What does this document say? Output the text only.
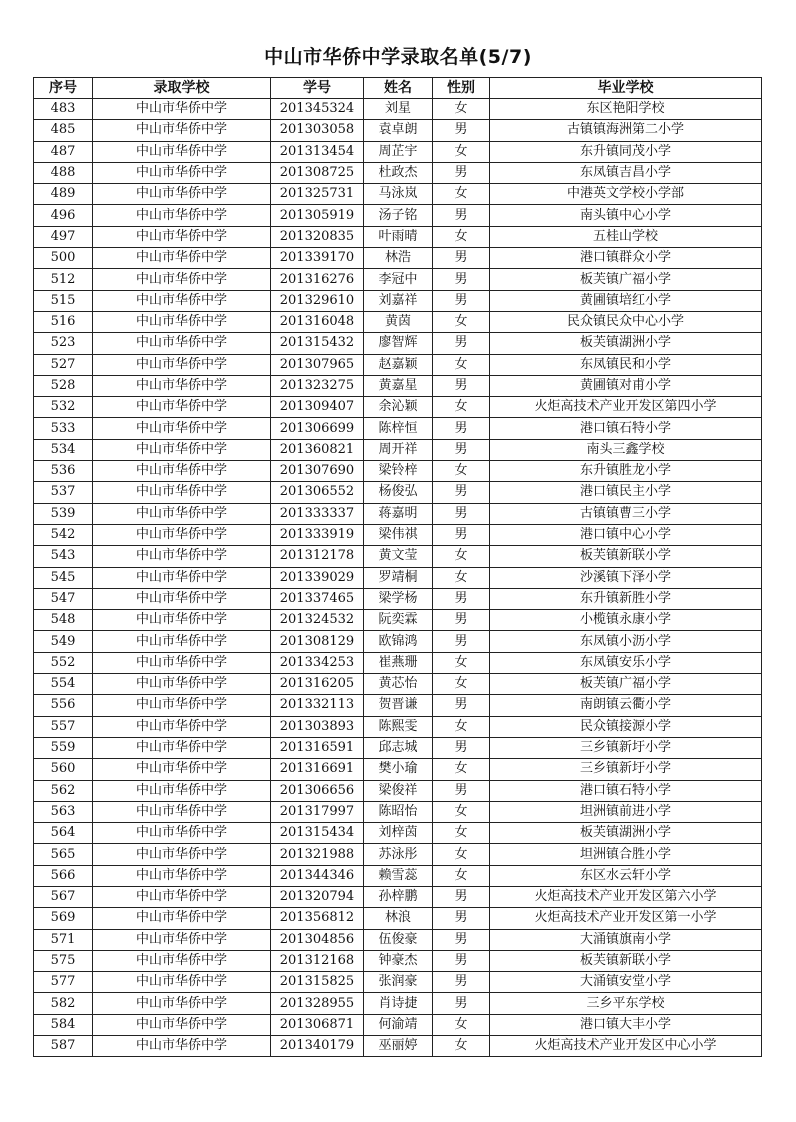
中山市华侨中学录取名单(5/7)
序号	录取学校	学号	姓名	性别	毕业学校
483	中山市华侨中学	201345324	刘星	女	东区艳阳学校
485	中山市华侨中学	201303058	袁卓朗	男	古镇镇海洲第二小学
487	中山市华侨中学	201313454	周芷宇	女	东升镇同茂小学
488	中山市华侨中学	201308725	杜政杰	男	东凤镇吉昌小学
489	中山市华侨中学	201325731	马泳岚	女	中港英文学校小学部
496	中山市华侨中学	201305919	汤子铭	男	南头镇中心小学
497	中山市华侨中学	201320835	叶雨晴	女	五桂山学校
500	中山市华侨中学	201339170	林浩	男	港口镇群众小学
512	中山市华侨中学	201316276	李冠中	男	板芙镇广福小学
515	中山市华侨中学	201329610	刘嘉祥	男	黄圃镇培红小学
516	中山市华侨中学	201316048	黄茵	女	民众镇民众中心小学
523	中山市华侨中学	201315432	廖智辉	男	板芙镇湖洲小学
527	中山市华侨中学	201307965	赵嘉颖	女	东凤镇民和小学
528	中山市华侨中学	201323275	黄嘉星	男	黄圃镇对甫小学
532	中山市华侨中学	201309407	余沁颖	女	火炬高技术产业开发区第四小学
533	中山市华侨中学	201306699	陈梓恒	男	港口镇石特小学
534	中山市华侨中学	201360821	周开祥	男	南头三鑫学校
536	中山市华侨中学	201307690	梁铃梓	女	东升镇胜龙小学
537	中山市华侨中学	201306552	杨俊弘	男	港口镇民主小学
539	中山市华侨中学	201333337	蒋嘉明	男	古镇镇曹三小学
542	中山市华侨中学	201333919	梁伟祺	男	港口镇中心小学
543	中山市华侨中学	201312178	黄文莹	女	板芙镇新联小学
545	中山市华侨中学	201339029	罗靖桐	女	沙溪镇下泽小学
547	中山市华侨中学	201337465	梁学杨	男	东升镇新胜小学
548	中山市华侨中学	201324532	阮奕霖	男	小榄镇永康小学
549	中山市华侨中学	201308129	欧锦鸿	男	东凤镇小沥小学
552	中山市华侨中学	201334253	崔燕珊	女	东凤镇安乐小学
554	中山市华侨中学	201316205	黄芯怡	女	板芙镇广福小学
556	中山市华侨中学	201332113	贺晋谦	男	南朗镇云衢小学
557	中山市华侨中学	201303893	陈熙雯	女	民众镇接源小学
559	中山市华侨中学	201316591	邱志城	男	三乡镇新圩小学
560	中山市华侨中学	201316691	樊小瑜	女	三乡镇新圩小学
562	中山市华侨中学	201306656	梁俊祥	男	港口镇石特小学
563	中山市华侨中学	201317997	陈昭怡	女	坦洲镇前进小学
564	中山市华侨中学	201315434	刘梓茵	女	板芙镇湖洲小学
565	中山市华侨中学	201321988	苏泳彤	女	坦洲镇合胜小学
566	中山市华侨中学	201344346	赖雪蕊	女	东区水云轩小学
567	中山市华侨中学	201320794	孙梓鹏	男	火炬高技术产业开发区第六小学
569	中山市华侨中学	201356812	林浪	男	火炬高技术产业开发区第一小学
571	中山市华侨中学	201304856	伍俊豪	男	大涌镇旗南小学
575	中山市华侨中学	201312168	钟豪杰	男	板芙镇新联小学
577	中山市华侨中学	201315825	张润豪	男	大涌镇安堂小学
582	中山市华侨中学	201328955	肖诗捷	男	三乡平东学校
584	中山市华侨中学	201306871	何渝靖	女	港口镇大丰小学
587	中山市华侨中学	201340179	巫丽婷	女	火炬高技术产业开发区中心小学
